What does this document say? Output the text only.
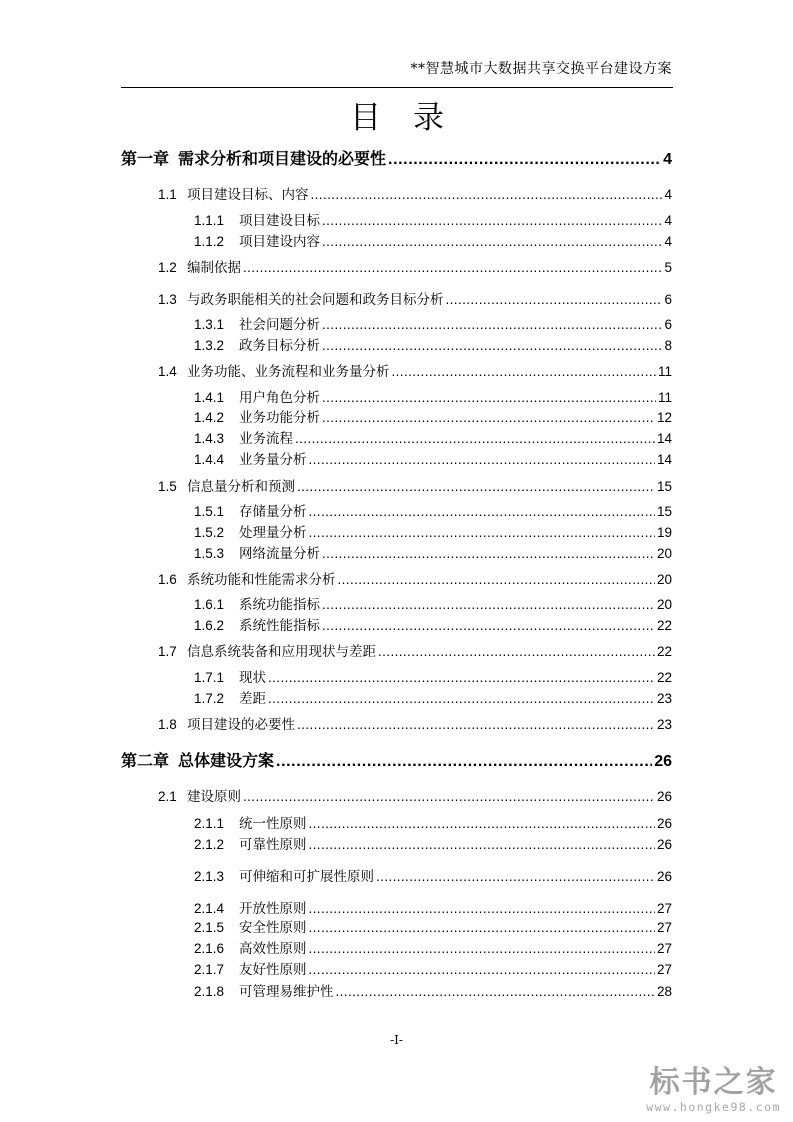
**智慧城市大数据共享交换平台建设方案
目录
第一章 需求分析和项目建设的必要性 .....	4
1.1 项目建设目标、内容 .....	4
1.1.1	项目建设目标 .....	4
1.1.2	项目建设内容 .....	4
1.2 编制依据 .....	5
1.3 与政务职能相关的社会问题和政务目标分析 .....	6
1.3.1	社会问题分析 .....	6
1.3.2	政务目标分析 .....	8
1.4 业务功能、业务流程和业务量分析 .....	11
1.4.1	用户角色分析 .....	11
1.4.2	业务功能分析 .....	12
1.4.3	业务流程 .....	14
1.4.4	业务量分析 .....	14
1.5 信息量分析和预测 .....	15
1.5.1	存储量分析 .....	15
1.5.2	处理量分析 .....	19
1.5.3	网络流量分析 .....	20
1.6 系统功能和性能需求分析 .....	20
1.6.1	系统功能指标 .....	20
1.6.2	系统性能指标 .....	22
1.7 信息系统装备和应用现状与差距 .....	22
1.7.1	现状 .....	22
1.7.2	差距 .....	23
1.8 项目建设的必要性 .....	23
第二章 总体建设方案 .....	26
2.1 建设原则 .....	26
2.1.1	统一性原则 .....	26
2.1.2	可靠性原则 .....	26
2.1.3	可伸缩和可扩展性原则 .....	26
2.1.4	开放性原则 .....	27
2.1.5	安全性原则 .....	27
2.1.6	高效性原则 .....	27
2.1.7	友好性原则 .....	27
2.1.8	可管理易维护性 .....	28
-I-
标书之家
www.hongke98.com
